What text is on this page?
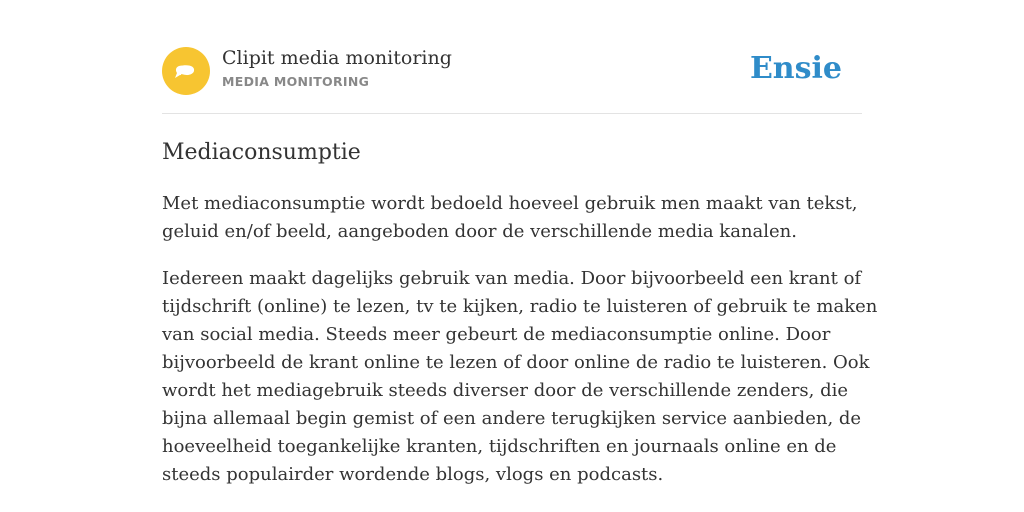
Clipit media monitoring
MEDIA MONITORING	Ensie
Mediaconsumptie

Met mediaconsumptie wordt bedoeld hoeveel gebruik men maakt van tekst, geluid en/of beeld, aangeboden door de verschillende media kanalen.

Iedereen maakt dagelijks gebruik van media. Door bijvoorbeeld een krant of tijdschrift (online) te lezen, tv te kijken, radio te luisteren of gebruik te maken van social media. Steeds meer gebeurt de mediaconsumptie online. Door bijvoorbeeld de krant online te lezen of door online de radio te luisteren. Ook wordt het mediagebruik steeds diverser door de verschillende zenders, die bijna allemaal begin gemist of een andere terugkijken service aanbieden, de hoeveelheid toegankelijke kranten, tijdschriften en journaals online en de steeds populairder wordende blogs, vlogs en podcasts.
